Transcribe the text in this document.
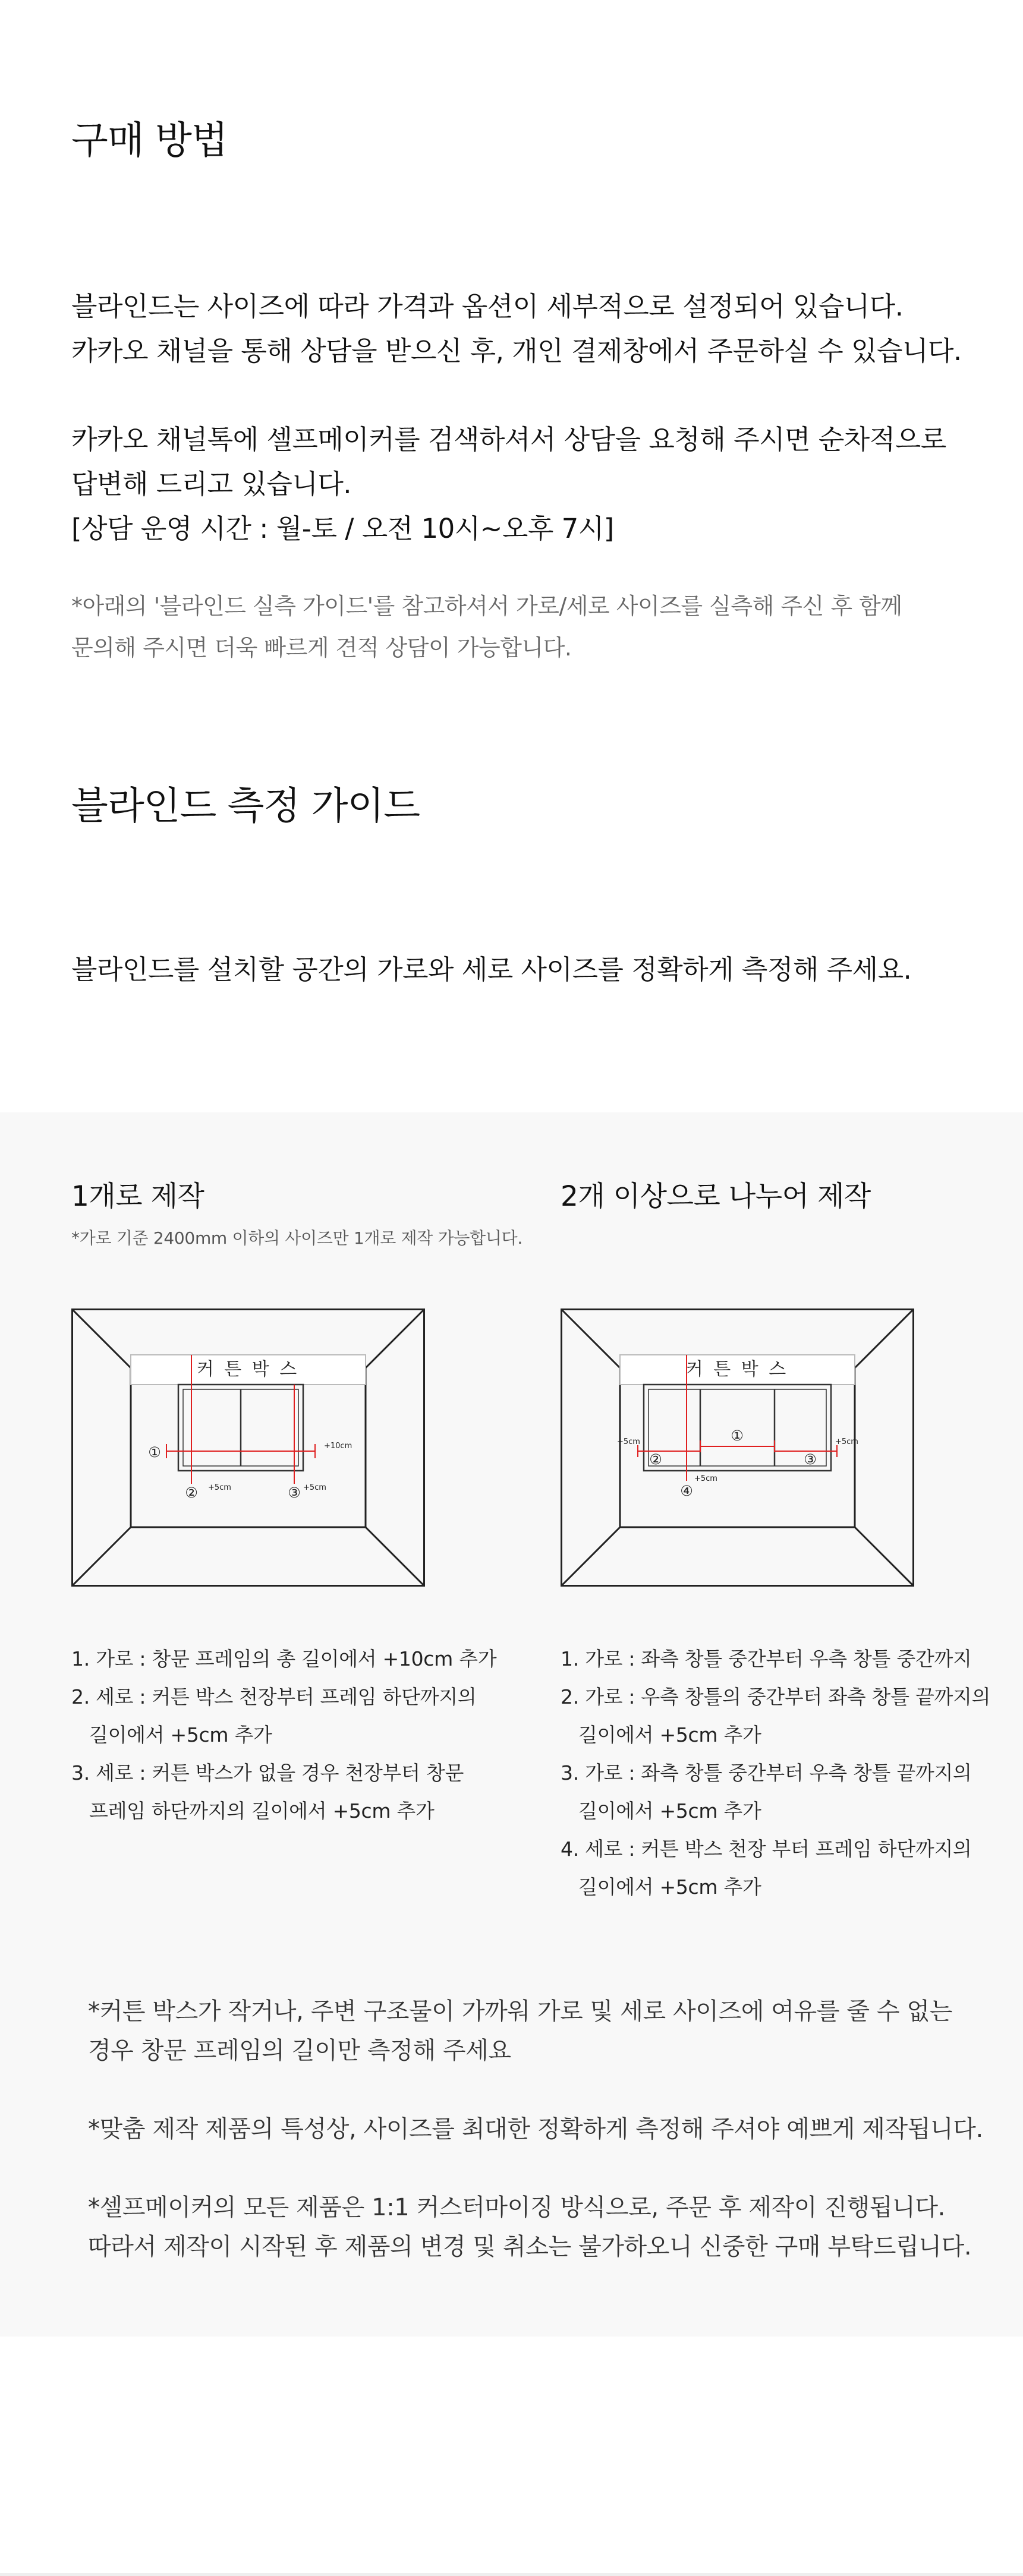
구매 방법
블라인드는 사이즈에 따라 가격과 옵션이 세부적으로 설정되어 있습니다.
카카오 채널을 통해 상담을 받으신 후, 개인 결제창에서 주문하실 수 있습니다.
카카오 채널톡에 셀프메이커를 검색하셔서 상담을 요청해 주시면 순차적으로
답변해 드리고 있습니다.
[상담 운영 시간 : 월-토 / 오전 10시~오후 7시]
*아래의 '블라인드 실측 가이드'를 참고하셔서 가로/세로 사이즈를 실측해 주신 후 함께
문의해 주시면 더욱 빠르게 견적 상담이 가능합니다.
블라인드 측정 가이드
블라인드를 설치할 공간의 가로와 세로 사이즈를 정확하게 측정해 주세요.
1개로 제작
*가로 기준 2400mm 이하의 사이즈만 1개로 제작 가능합니다.
커 튼 박 스
①
②	③
+10cm
+5cm	+5cm
1. 가로 : 창문 프레임의 총 길이에서 +10cm 추가
2. 세로 : 커튼 박스 천장부터 프레임 하단까지의
길이에서 +5cm 추가
3. 세로 : 커튼 박스가 없을 경우 천장부터 창문
프레임 하단까지의 길이에서 +5cm 추가
2개 이상으로 나누어 제작
커 튼 박 스
①
②	③
④
+5cm	+5cm
+5cm
1. 가로 : 좌측 창틀 중간부터 우측 창틀 중간까지
2. 가로 : 우측 창틀의 중간부터 좌측 창틀 끝까지의
길이에서 +5cm 추가
3. 가로 : 좌측 창틀 중간부터 우측 창틀 끝까지의
길이에서 +5cm 추가
4. 세로 : 커튼 박스 천장 부터 프레임 하단까지의
길이에서 +5cm 추가
*커튼 박스가 작거나, 주변 구조물이 가까워 가로 및 세로 사이즈에 여유를 줄 수 없는
경우 창문 프레임의 길이만 측정해 주세요
*맞춤 제작 제품의 특성상, 사이즈를 최대한 정확하게 측정해 주셔야 예쁘게 제작됩니다.
*셀프메이커의 모든 제품은 1:1 커스터마이징 방식으로, 주문 후 제작이 진행됩니다.
따라서 제작이 시작된 후 제품의 변경 및 취소는 불가하오니 신중한 구매 부탁드립니다.
